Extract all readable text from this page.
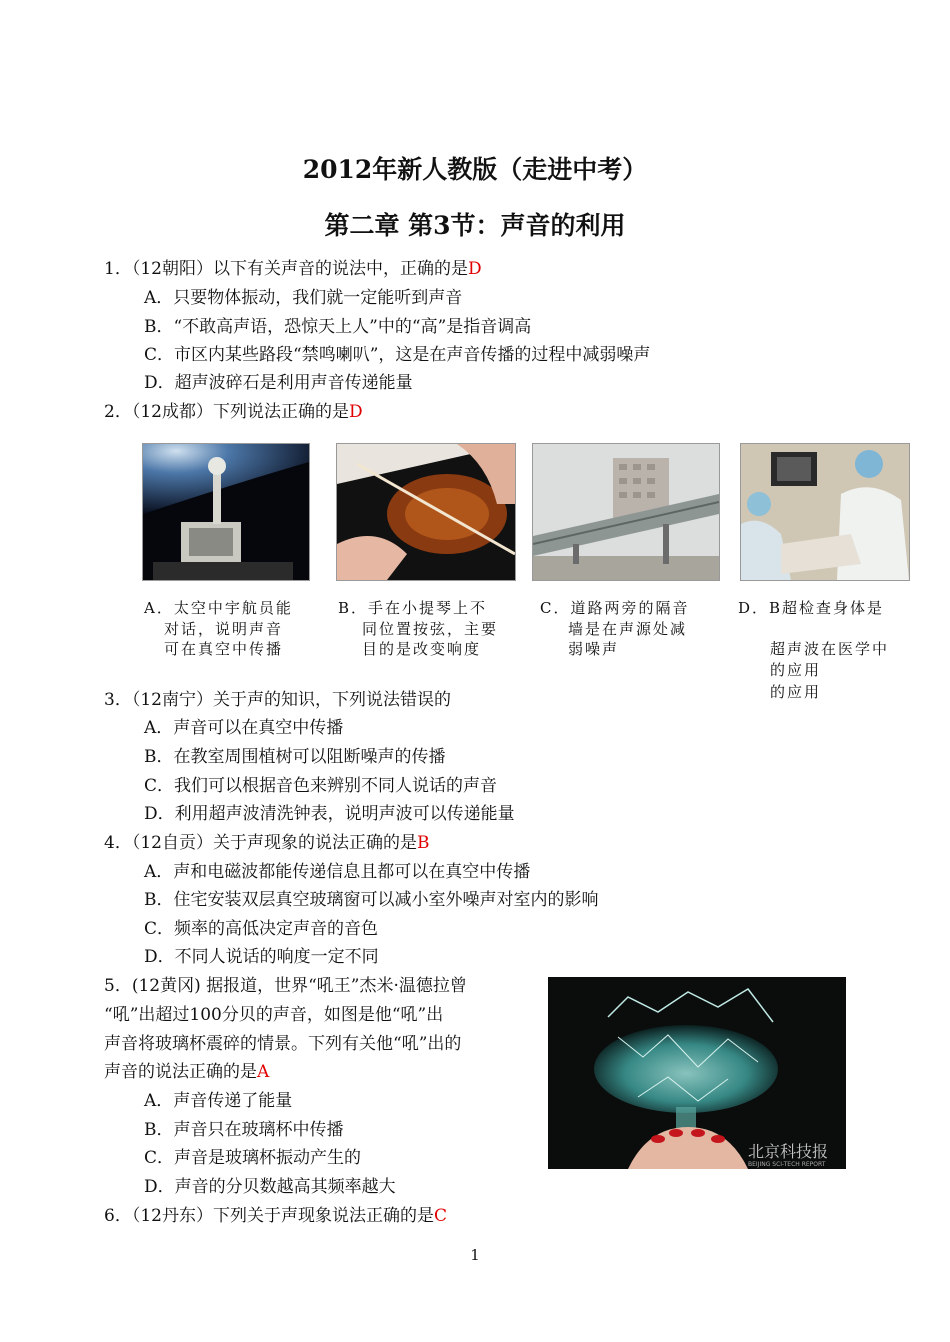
2012年新人教版（走进中考）
第二章 第3节：声音的利用
1．（12朝阳）以下有关声音的说法中，正确的是D
A．只要物体振动，我们就一定能听到声音
B．“不敢高声语，恐惊天上人”中的“高”是指音调高
C．市区内某些路段“禁鸣喇叭”，这是在声音传播的过程中减弱噪声
D．超声波碎石是利用声音传递能量
2．（12成都）下列说法正确的是D
A．太空中宇航员能
对话，说明声音
可在真空中传播
B．手在小提琴上不
同位置按弦，主要
目的是改变响度
C．道路两旁的隔音
墙是在声源处减
弱噪声
D．B超检查身体是
超声波在医学中
的应用
的应用
3．（12南宁）关于声的知识，下列说法错误的
A．声音可以在真空中传播
B．在教室周围植树可以阻断噪声的传播
C．我们可以根据音色来辨别不同人说话的声音
D．利用超声波清洗钟表，说明声波可以传递能量
4．（12自贡）关于声现象的说法正确的是B
A．声和电磁波都能传递信息且都可以在真空中传播
B．住宅安装双层真空玻璃窗可以减小室外噪声对室内的影响
C．频率的高低决定声音的音色
D．不同人说话的响度一定不同
5．(12黄冈) 据报道，世界“吼王”杰米·温德拉曾
“吼”出超过100分贝的声音，如图是他“吼”出
声音将玻璃杯震碎的情景。下列有关他“吼”出的
声音的说法正确的是A
A．声音传递了能量
B．声音只在玻璃杯中传播
C．声音是玻璃杯振动产生的
D．声音的分贝数越高其频率越大
北京科技报
BEIJING SCI-TECH REPORT
6．（12丹东）下列关于声现象说法正确的是C
1
